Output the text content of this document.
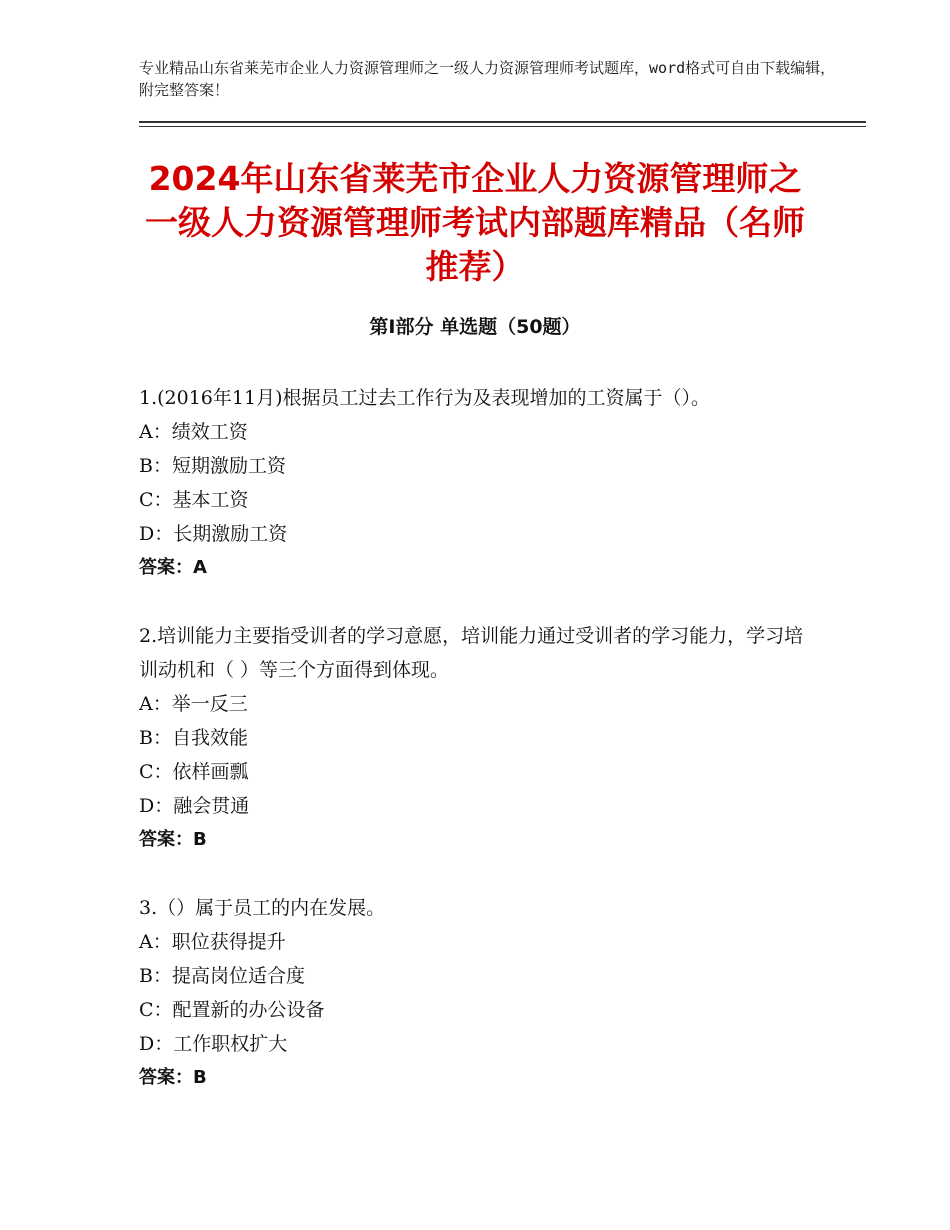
专业精品山东省莱芜市企业人力资源管理师之一级人力资源管理师考试题库，word格式可自由下载编辑，附完整答案！
2024年山东省莱芜市企业人力资源管理师之一级人力资源管理师考试内部题库精品（名师推荐）
第Ⅰ部分 单选题（50题）

1.(2016年11月)根据员工过去工作行为及表现增加的工资属于（）。

A：绩效工资

B：短期激励工资

C：基本工资

D：长期激励工资

答案：A

2.培训能力主要指受训者的学习意愿，培训能力通过受训者的学习能力，学习培训动机和（ ）等三个方面得到体现。

A：举一反三

B：自我效能

C：依样画瓢

D：融会贯通

答案：B

3.（）属于员工的内在发展。

A：职位获得提升

B：提高岗位适合度

C：配置新的办公设备

D：工作职权扩大

答案：B
